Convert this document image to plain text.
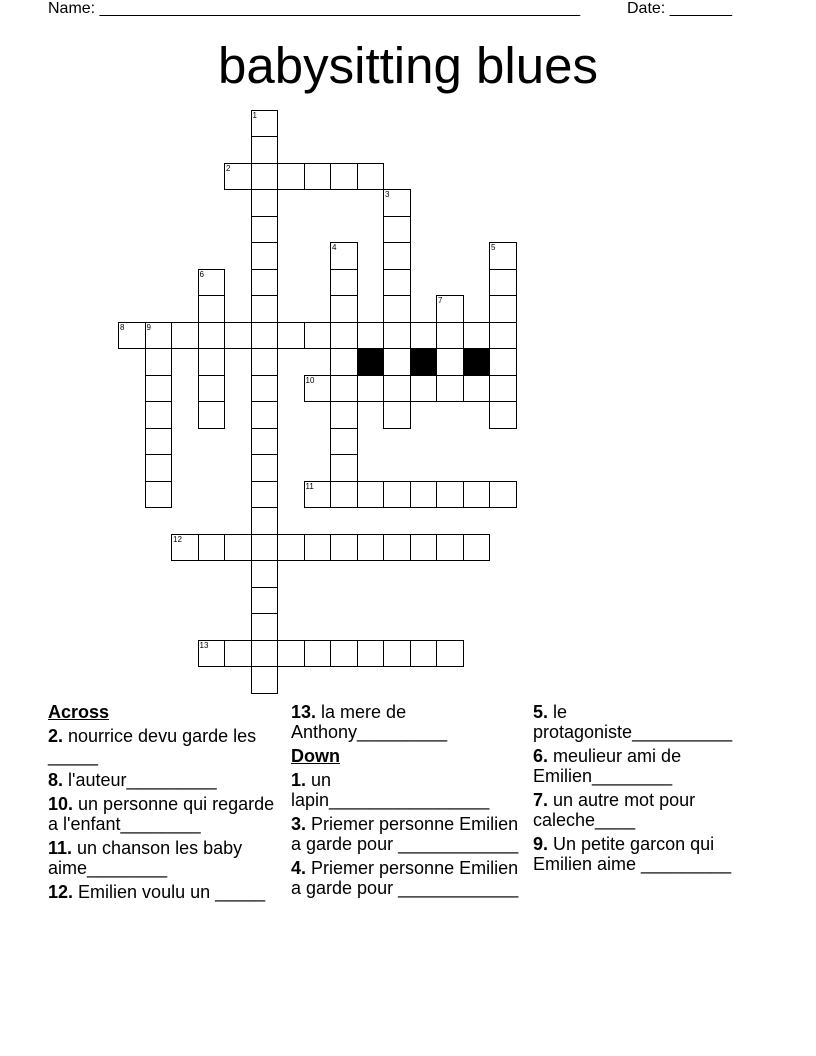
Name: ______________________________________________________	Date: _______
babysitting blues
2
8	9
10
11
12
13
1
3
4	5
6
7
Across
2. nourrice devu garde les _____
8. l'auteur_________
10. un personne qui regarde a l'enfant________
11. un chanson les baby aime________
12. Emilien voulu un _____
13. la mere de Anthony_________
Down
1. un lapin________________
3. Priemer personne Emilien a garde pour ____________
4. Priemer personne Emilien a garde pour ____________
5. le protagoniste__________
6. meulieur ami de Emilien________
7. un autre mot pour caleche____
9. Un petite garcon qui Emilien aime _________
